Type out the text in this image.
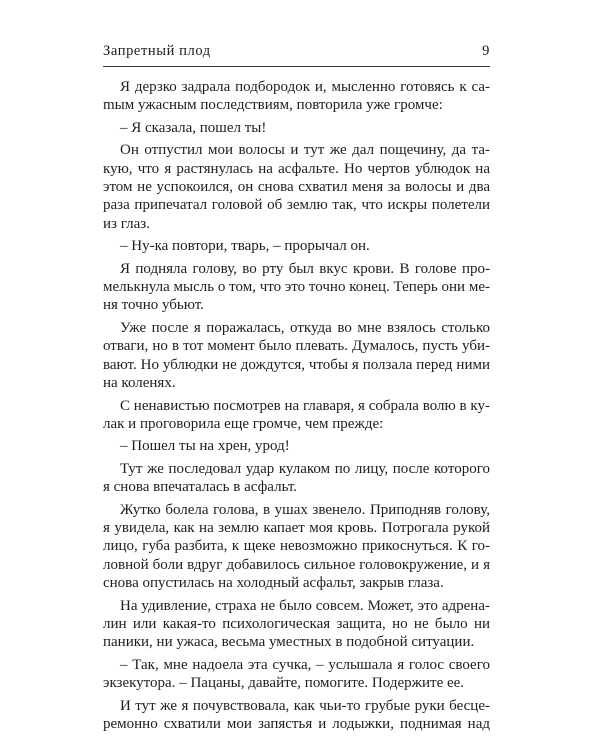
Запретный плод	9

Я дерзко задрала подбородок и, мысленно готовясь к саmым ужасным последствиям, повторила уже громче:

– Я сказала, пошел ты!

Он отпустил мои волосы и тут же дал пощечину, да такую, что я растянулась на асфальте. Но чертов ублюдок на этом не успокоился, он снова схватил меня за волосы и два раза припечатал головой об землю так, что искры полетели из глаз.

– Ну-ка повтори, тварь, – прорычал он.

Я подняла голову, во рту был вкус крови. В голове промелькнула мысль о том, что это точно конец. Теперь они меня точно убьют.

Уже после я поражалась, откуда во мне взялось столько отваги, но в тот момент было плевать. Думалось, пусть убивают. Но ублюдки не дождутся, чтобы я ползала перед ними на коленях.

С ненавистью посмотрев на главаря, я собрала волю в кулак и проговорила еще громче, чем прежде:

– Пошел ты на хрен, урод!

Тут же последовал удар кулаком по лицу, после которого я снова впечаталась в асфальт.

Жутко болела голова, в ушах звенело. Приподняв голову, я увидела, как на землю капает моя кровь. Потрогала рукой лицо, губа разбита, к щеке невозможно прикоснуться. К головной боли вдруг добавилось сильное головокружение, и я снова опустилась на холодный асфальт, закрыв глаза.

На удивление, страха не было совсем. Может, это адреналин или какая-то психологическая защита, но не было ни паники, ни ужаса, весьма уместных в подобной ситуации.

– Так, мне надоела эта сучка, – услышала я голос своего экзекутора. – Пацаны, давайте, помогите. Подержите ее.

И тут же я почувствовала, как чьи-то грубые руки бесцеремонно схватили мои запястья и лодыжки, поднимая над
